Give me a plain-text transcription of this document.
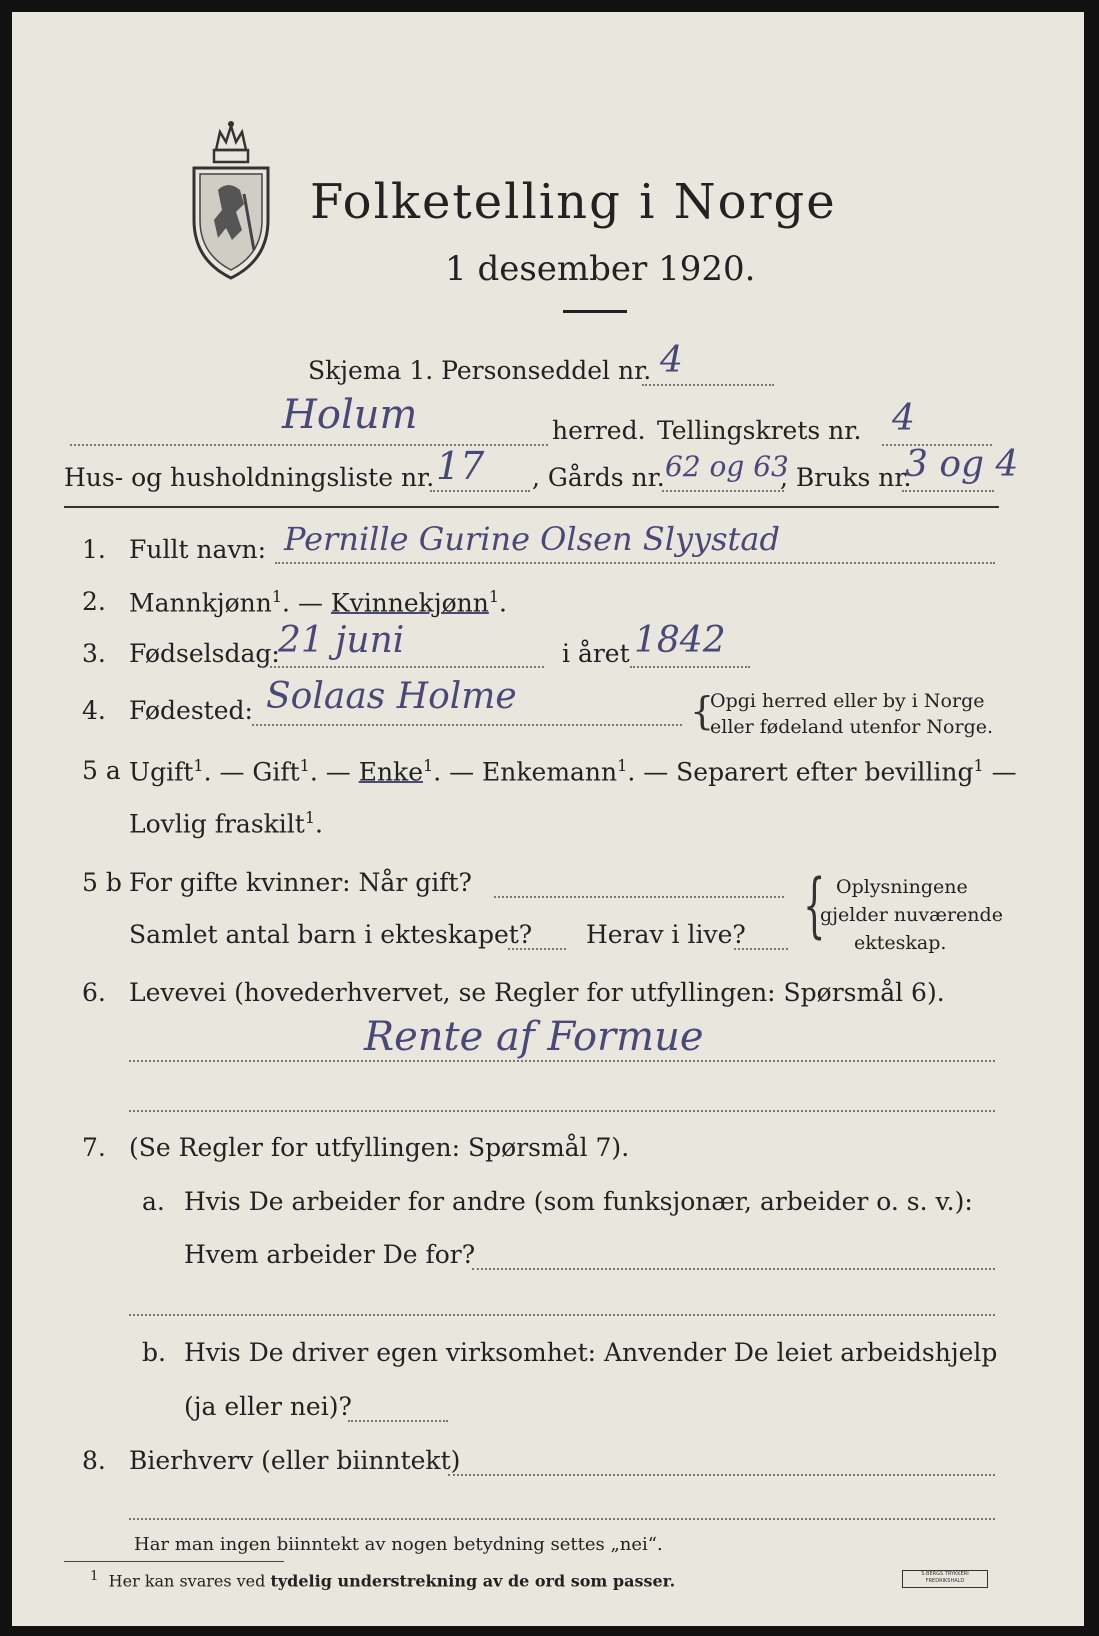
Folketelling i Norge
1 desember 1920.
Skjema 1. Personseddel nr. 4
Holum	herred. Tellingskrets nr. 4
Hus- og husholdningsliste nr. 17 , Gårds nr. 62 og 63
, Bruks nr.
3 og 4
1. Fullt navn: Pernille Gurine Olsen Slyystad
2. Mannkjønn$^1$. — Kvinnekjønn$^1$.
3. Fødselsdag:
21 juni	i året 1842
4. Fødested: Solaas Holme	{
Opgi herred eller by i Norge
eller fødeland utenfor Norge.
5 a Ugift$^1$. — Gift$^1$. — Enke$^1$. — Enkemann$^1$. — Separert efter bevilling$^1$ —
Lovlig fraskilt$^1$.
5 b For gifte kvinner: Når gift?
Samlet antal barn i ekteskapet? Herav i live? { Oplysningene
gjelder nuværende
ekteskap.
6. Levevei (hovederhvervet, se Regler for utfyllingen: Spørsmål 6).
Rente af Formue
7. (Se Regler for utfyllingen: Spørsmål 7).
a. Hvis De arbeider for andre (som funksjonær, arbeider o. s. v.):
Hvem arbeider De for?
b. Hvis De driver egen virksomhet: Anvender De leiet arbeidshjelp
(ja eller nei)?
8. Bierhverv (eller biinntekt)
Har man ingen biinntekt av nogen betydning settes „nei“.
$^1$ Her kan svares ved tydelig understrekning av de ord som passer.	S.BERGS TRYKKERI FREDRIKSHALD
